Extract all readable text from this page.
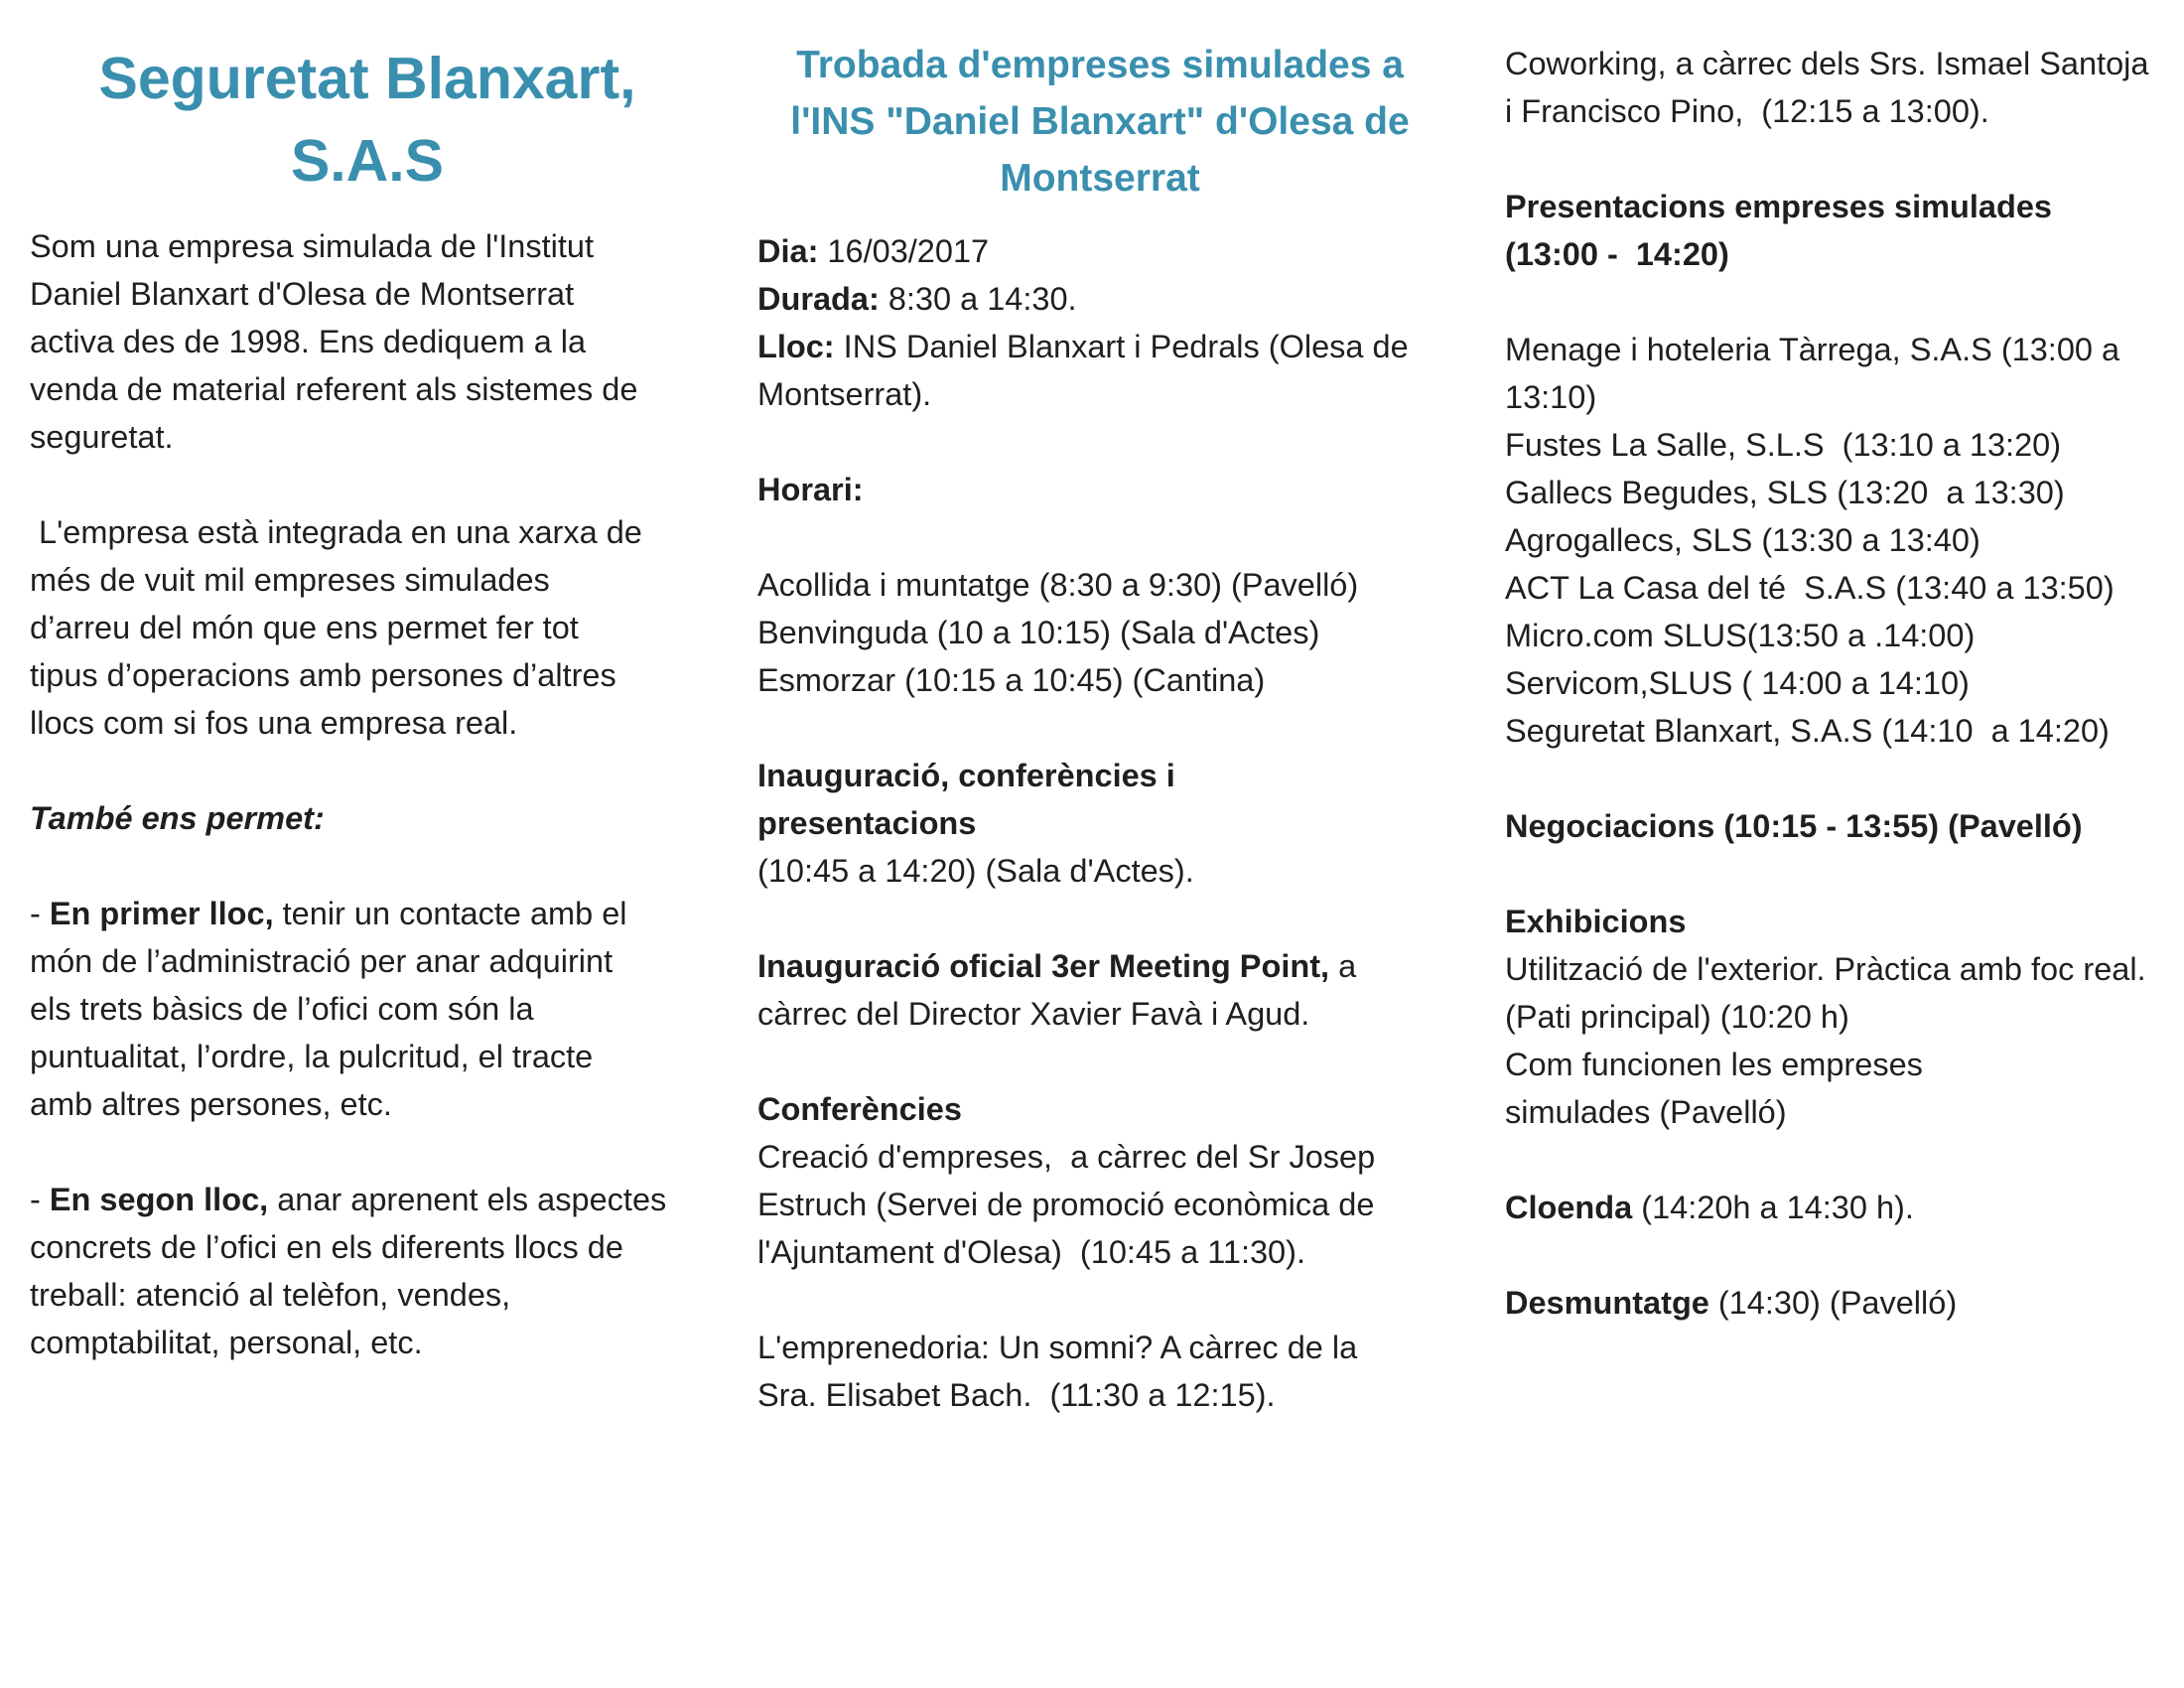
Seguretat Blanxart,
S.A.S
Som una empresa simulada de l'Institut
Daniel Blanxart d'Olesa de Montserrat
activa des de 1998. Ens dediquem a la
venda de material referent als sistemes de
seguretat.
L'empresa està integrada en una xarxa de
més de vuit mil empreses simulades
d’arreu del món que ens permet fer tot
tipus d’operacions amb persones d’altres
llocs com si fos una empresa real.
També ens permet:
- En primer lloc, tenir un contacte amb el
món de l’administració per anar adquirint
els trets bàsics de l’ofici com són la
puntualitat, l’ordre, la pulcritud, el tracte
amb altres persones, etc.
- En segon lloc, anar aprenent els aspectes
concrets de l’ofici en els diferents llocs de
treball: atenció al telèfon, vendes,
comptabilitat, personal, etc.
Trobada d'empreses simulades a
l'INS "Daniel Blanxart" d'Olesa de
Montserrat
Dia: 16/03/2017
Durada: 8:30 a 14:30.
Lloc: INS Daniel Blanxart i Pedrals (Olesa de
Montserrat).
Horari:
Acollida i muntatge (8:30 a 9:30) (Pavelló)
Benvinguda (10 a 10:15) (Sala d'Actes)
Esmorzar (10:15 a 10:45) (Cantina)
Inauguració, conferències i
presentacions
(10:45 a 14:20) (Sala d'Actes).
Inauguració oficial 3er Meeting Point, a
càrrec del Director Xavier Favà i Agud.
Conferències
Creació d'empreses,  a càrrec del Sr Josep
Estruch (Servei de promoció econòmica de
l'Ajuntament d'Olesa)  (10:45 a 11:30).
L'emprenedoria: Un somni? A càrrec de la
Sra. Elisabet Bach.  (11:30 a 12:15).
Coworking, a càrrec dels Srs. Ismael Santoja
i Francisco Pino,  (12:15 a 13:00).
Presentacions empreses simulades
(13:00 -  14:20)
Menage i hoteleria Tàrrega, S.A.S (13:00 a
13:10)
Fustes La Salle, S.L.S  (13:10 a 13:20)
Gallecs Begudes, SLS (13:20  a 13:30)
Agrogallecs, SLS (13:30 a 13:40)
ACT La Casa del té  S.A.S (13:40 a 13:50)
Micro.com SLUS(13:50 a .14:00)
Servicom,SLUS ( 14:00 a 14:10)
Seguretat Blanxart, S.A.S (14:10  a 14:20)
Negociacions (10:15 - 13:55) (Pavelló)
Exhibicions
Utilització de l'exterior. Pràctica amb foc real.
(Pati principal) (10:20 h)
Com funcionen les empreses
simulades (Pavelló)
Cloenda (14:20h a 14:30 h).
Desmuntatge (14:30) (Pavelló)
